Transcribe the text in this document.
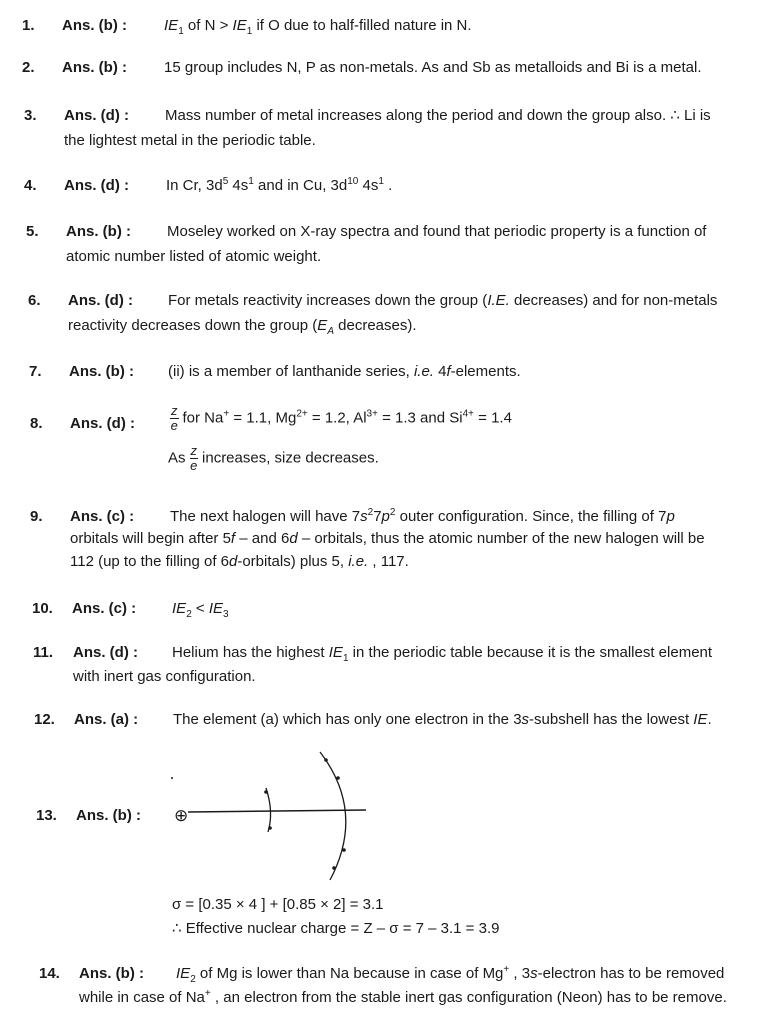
1. Ans. (b) : $IE_1$ of $N > IE_1$ if O due to half-filled nature in N.
2. Ans. (b) : 15 group includes N, P as non-metals. As and Sb as metalloids and Bi is a metal.
3. Ans. (d) : Mass number of metal increases along the period and down the group also. ∴ Li is
the lightest metal in the periodic table.
4. Ans. (d) : In Cr, $3d^5$ $4s^1$ and in Cu, $3d^{10}$ $4s^1$ .
5. Ans. (b) : Moseley worked on X-ray spectra and found that periodic property is a function of
atomic number listed of atomic weight.
6. Ans. (d) : For metals reactivity increases down the group (I.E. decreases) and for non-metals
reactivity decreases down the group ($E_A$ decreases).
7. Ans. (b) : (ii) is a member of lanthanide series, i.e. 4f-elements.
8. Ans. (d) :	$\frac{z}{e}$ for Na+ = 1.1, $Mg^{2+} = 1.2$, $Al^{3+} = 1.3$ and $Si^{4+} = 1.4$
As $\frac{z}{e}$ increases, size decreases.
9. Ans. (c) : The next halogen will have $7s^27p^2$ outer configuration. Since, the filling of 7p
orbitals will begin after 5f – and 6d – orbitals, thus the atomic number of the new halogen will be
112 (up to the filling of 6d-orbitals) plus 5, i.e. , 117.
10. Ans. (c) : $IE_2 < IE_3$
11. Ans. (d) : Helium has the highest $IE_1$ in the periodic table because it is the smallest element
with inert gas configuration.
12. Ans. (a) : The element (a) which has only one electron in the 3s-subshell has the lowest IE.
13. Ans. (b) : ⊕
σ = [0.35 × 4 ] + [0.85 × 2] = 3.1
∴ Effective nuclear charge = Z – σ = 7 – 3.1 = 3.9
14. Ans. (b) : $IE_2$ of Mg is lower than Na because in case of Mg+ , 3s-electron has to be removed
while in case of Na+ , an electron from the stable inert gas configuration (Neon) has to be remove.
